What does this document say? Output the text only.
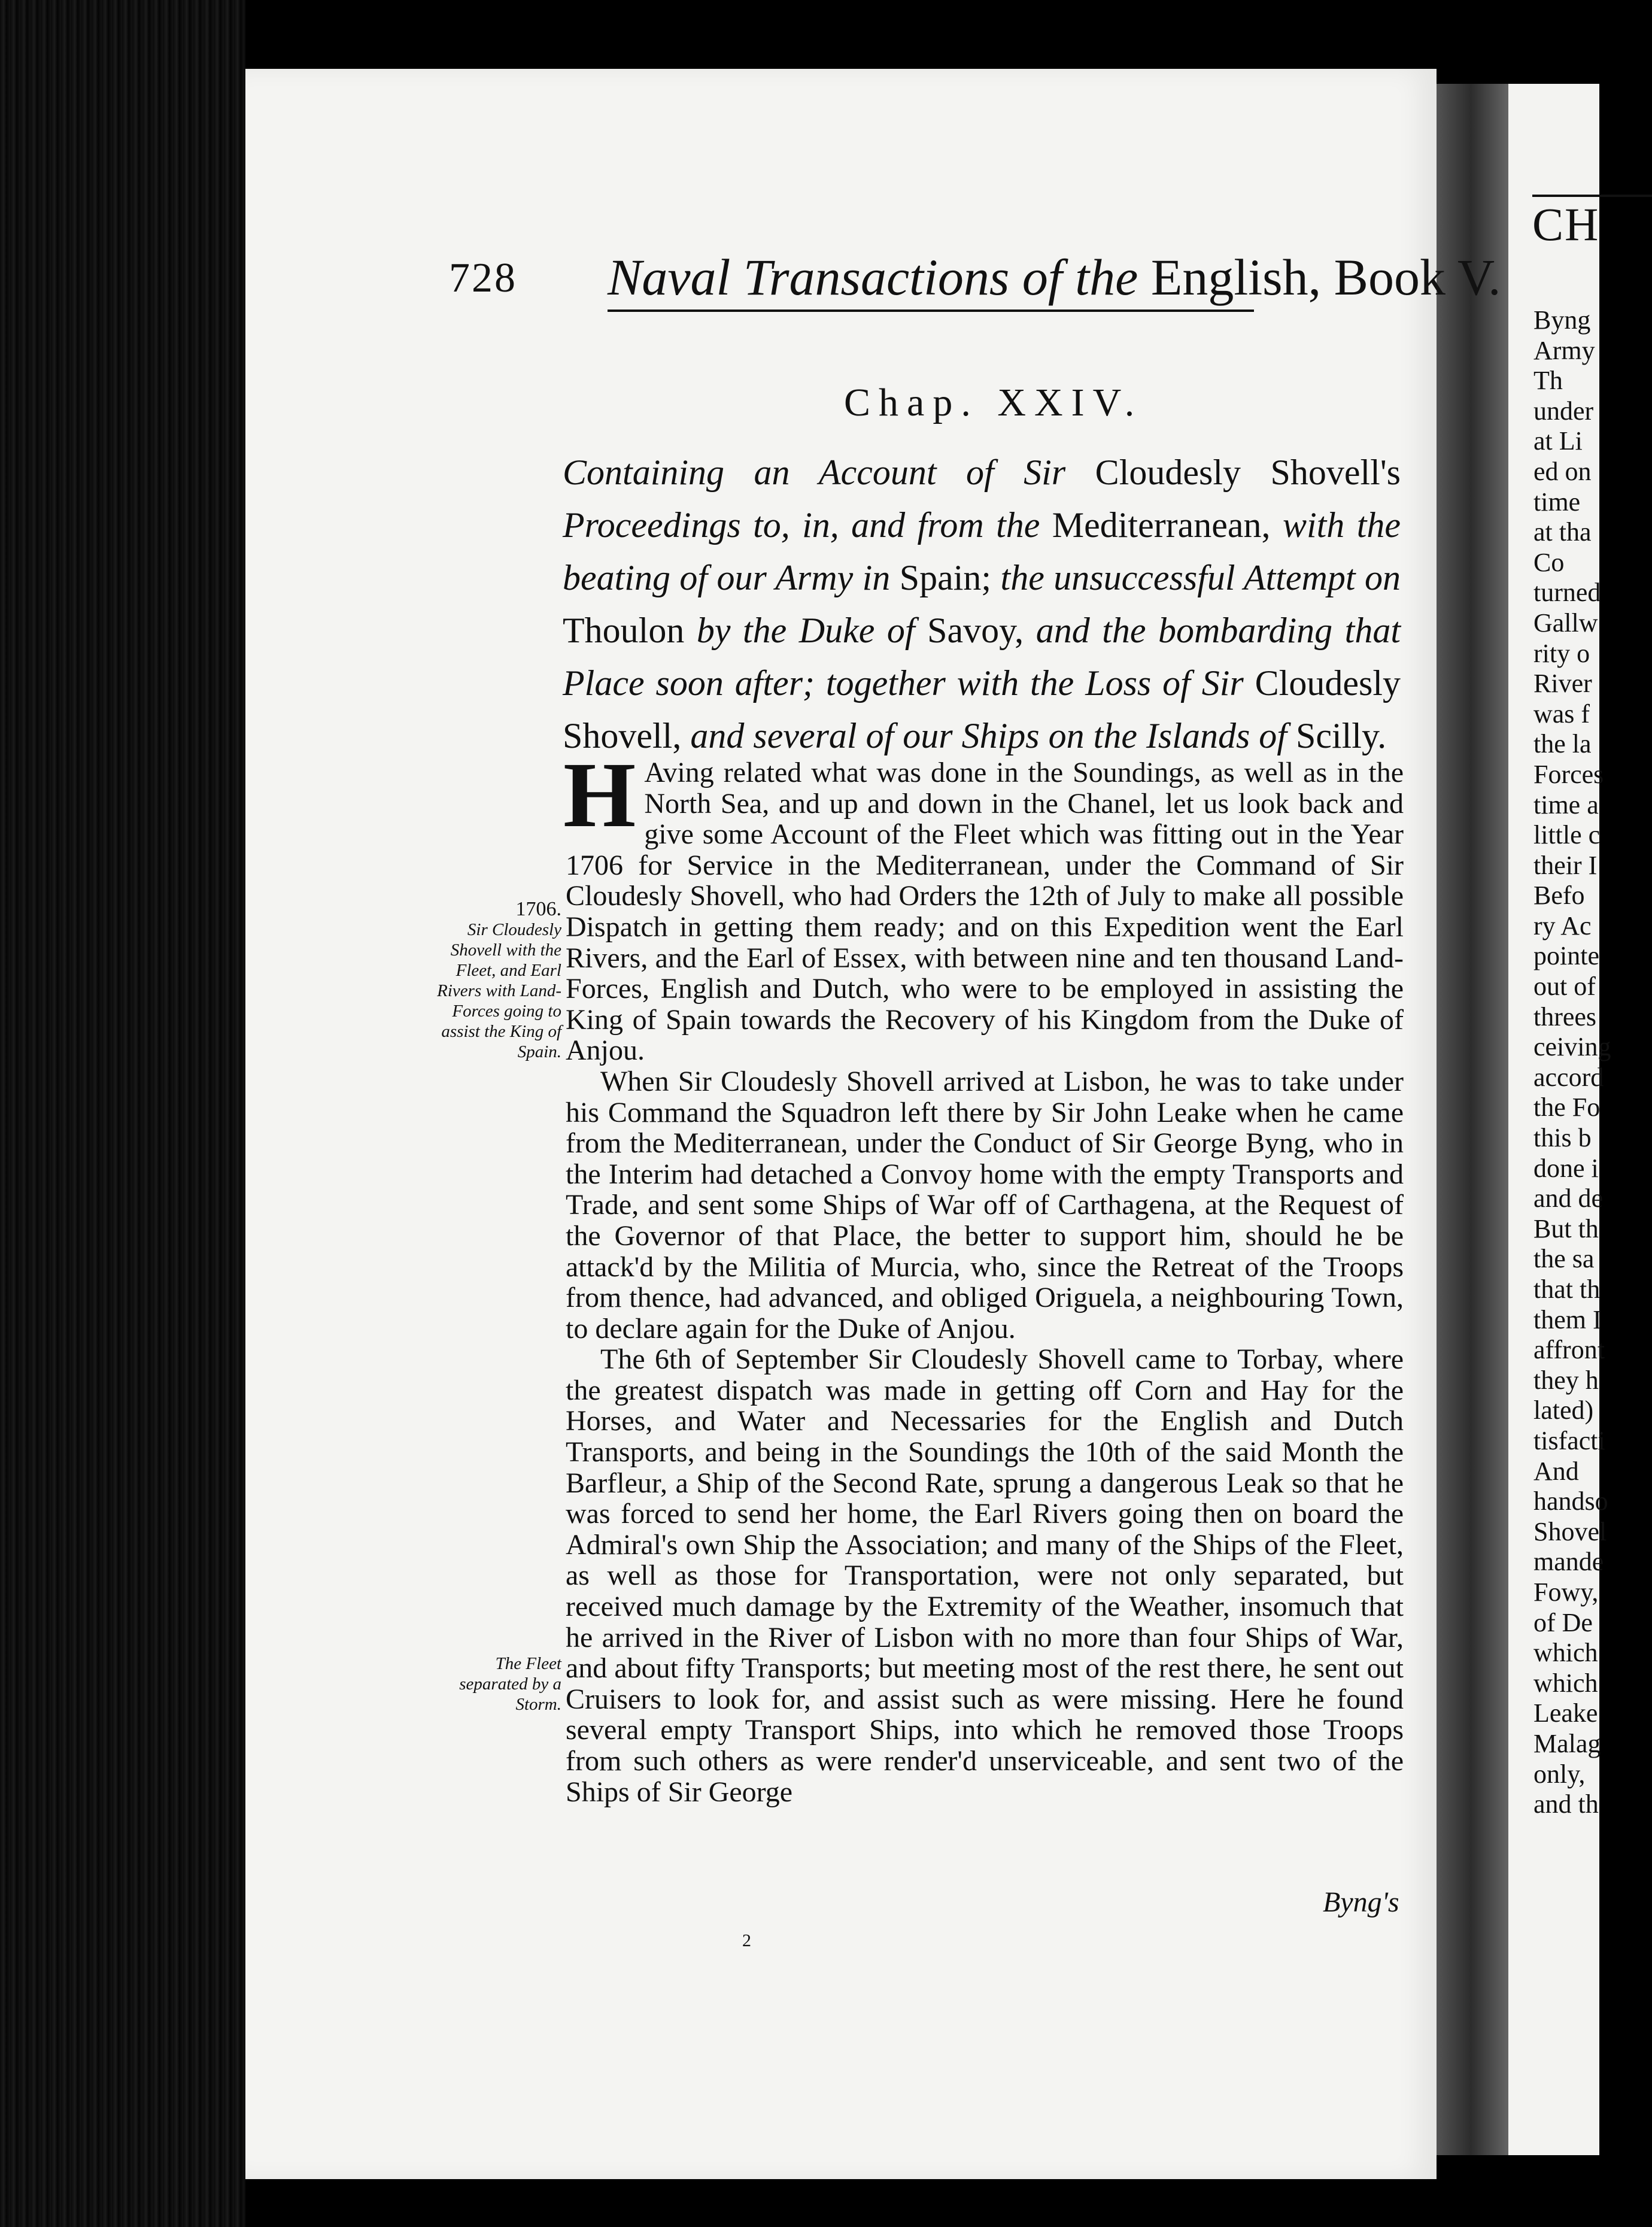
CH
Byng
Army
Th
under
at Li
ed on
time
at tha
Co
turned
Gallw
rity o
River
was f
the la
Forces
time a
little c
their I
Befo
ry Ac
pointe
out of
threes
ceiving
accord
the Fo
this b
done i
and de
But th
the sa
that th
them I
affront
they h
lated)
tisfacti
And
handso
Shovel
mande
Fowy,
of De
which
which
Leake
Malag
only,
and th
728 Naval Transactions of the English, Book V.
Chap. XXIV.
Containing an Account of Sir Cloudesly Shovell's Proceedings to, in, and from the Mediterranean, with the beating of our Army in Spain; the unsuccessful Attempt on Thoulon by the Duke of Savoy, and the bombarding that Place soon after; together with the Loss of Sir Cloudesly Shovell, and several of our Ships on the Islands of Scilly.
1706.
Sir Cloudesly Shovell with the Fleet, and Earl Rivers with Land-Forces going to assist the King of Spain.
The Fleet separated by a Storm.

H Aving related what was done in the Soundings, as well as in the North Sea, and up and down in the Chanel, let us look back and give some Account of the Fleet which was fitting out in the Year 1706 for Service in the Mediterranean, under the Command of Sir Cloudesly Shovell, who had Orders the 12th of July to make all possible Dispatch in getting them ready; and on this Expedition went the Earl Rivers, and the Earl of Essex, with between nine and ten thousand Land-Forces, English and Dutch, who were to be employed in assisting the King of Spain towards the Recovery of his Kingdom from the Duke of Anjou.

When Sir Cloudesly Shovell arrived at Lisbon, he was to take under his Command the Squadron left there by Sir John Leake when he came from the Mediterranean, under the Conduct of Sir George Byng, who in the Interim had detached a Convoy home with the empty Transports and Trade, and sent some Ships of War off of Carthagena, at the Request of the Governor of that Place, the better to support him, should he be attack'd by the Militia of Murcia, who, since the Retreat of the Troops from thence, had advanced, and obliged Origuela, a neighbouring Town, to declare again for the Duke of Anjou.

The 6th of September Sir Cloudesly Shovell came to Torbay, where the greatest dispatch was made in getting off Corn and Hay for the Horses, and Water and Necessaries for the English and Dutch Transports, and being in the Soundings the 10th of the said Month the Barfleur, a Ship of the Second Rate, sprung a dangerous Leak so that he was forced to send her home, the Earl Rivers going then on board the Admiral's own Ship the Association; and many of the Ships of the Fleet, as well as those for Transportation, were not only separated, but received much damage by the Extremity of the Weather, insomuch that he arrived in the River of Lisbon with no more than four Ships of War, and about fifty Transports; but meeting most of the rest there, he sent out Cruisers to look for, and assist such as were missing. Here he found several empty Transport Ships, into which he removed those Troops from such others as were render'd unserviceable, and sent two of the Ships of Sir George

Byng's
2
